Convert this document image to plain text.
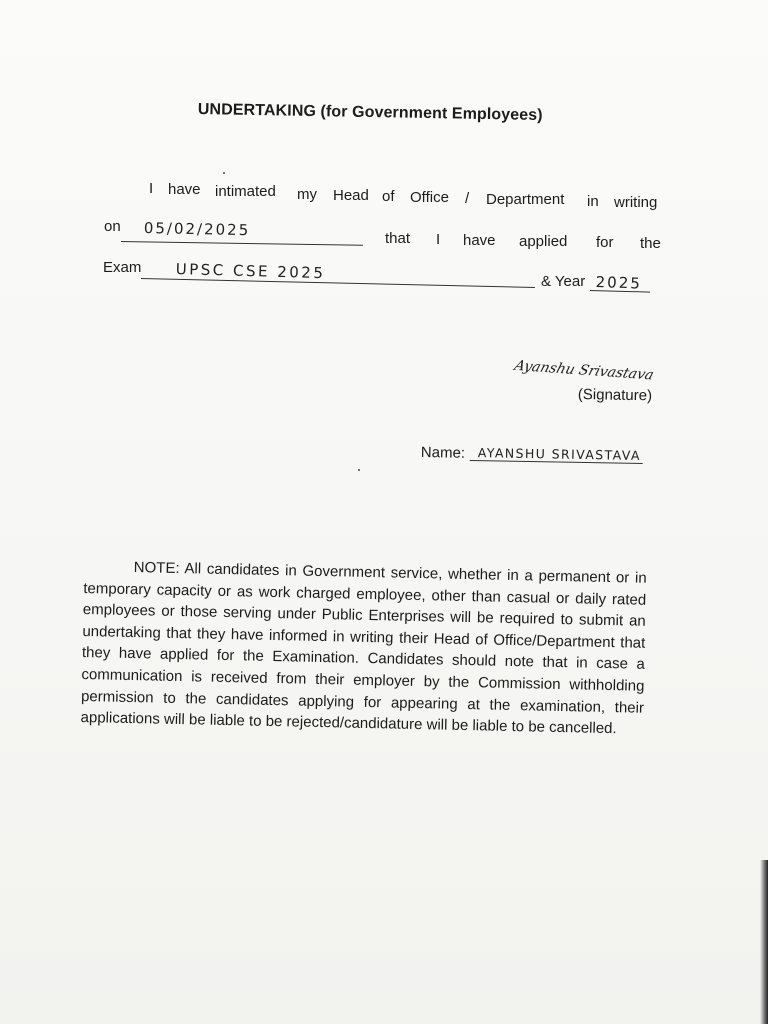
UNDERTAKING (for Government Employees)
I have intimated my Head of Office / Department in writing
on 05/02/2025	that I have applied for the
Exam UPSC CSE 2025	& Year 2025
Ayanshu Srivastava
(Signature)
Name:	AYANSHU SRIVASTAVA
NOTE: All candidates in Government service, whether in a permanent or in temporary capacity or as work charged employee, other than casual or daily rated employees or those serving under Public Enterprises will be required to submit an undertaking that they have informed in writing their Head of Office/Department that they have applied for the Examination. Candidates should note that in case a communication is received from their employer by the Commission withholding permission to the candidates applying for appearing at the examination, their applications will be liable to be rejected/candidature will be liable to be cancelled.
